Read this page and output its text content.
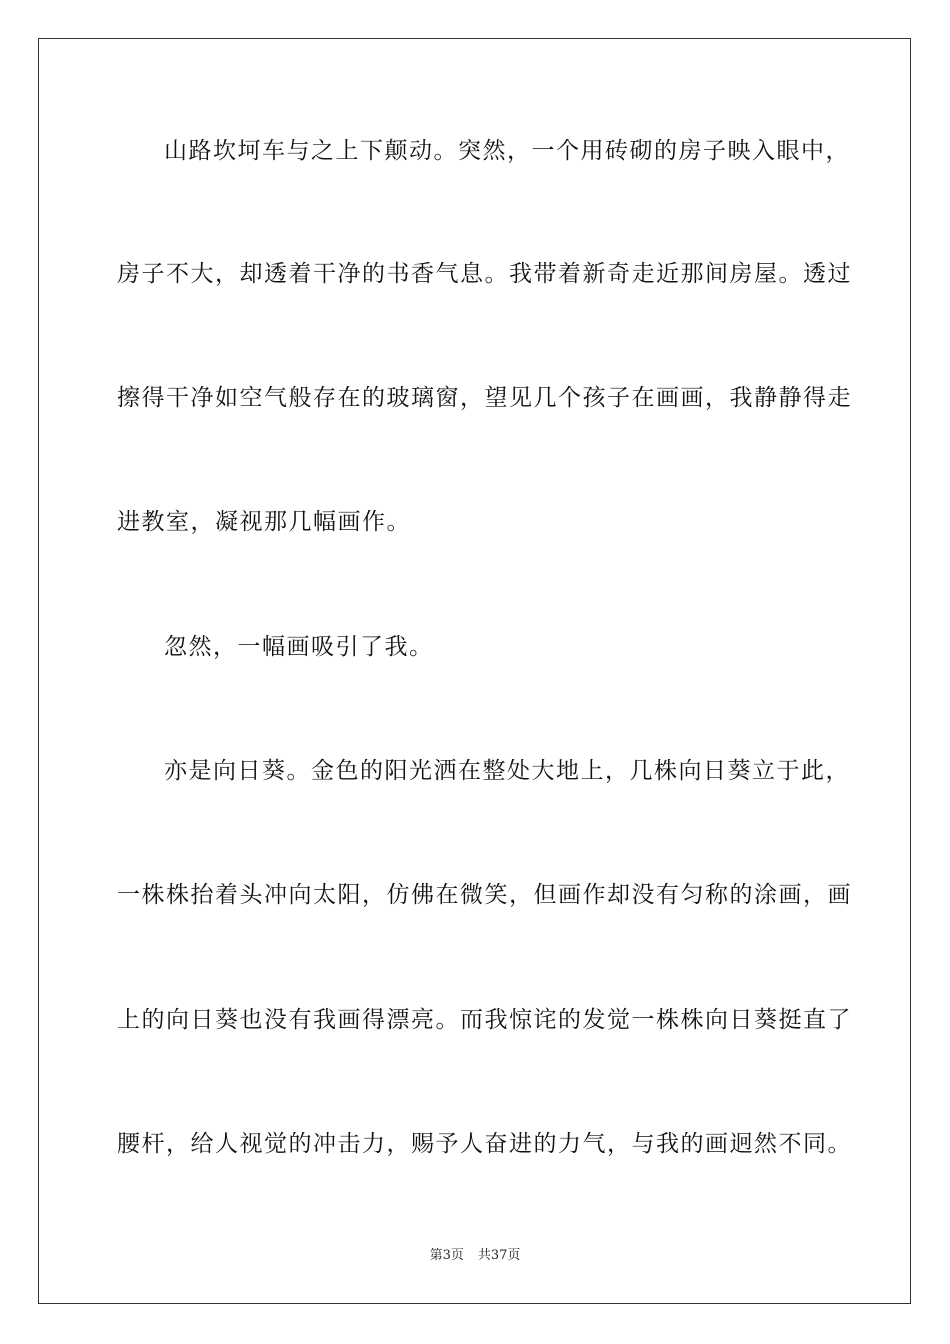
山路坎坷车与之上下颠动。突然，一个用砖砌的房子映入眼中，
房子不大，却透着干净的书香气息。我带着新奇走近那间房屋。透过
擦得干净如空气般存在的玻璃窗，望见几个孩子在画画，我静静得走
进教室，凝视那几幅画作。
忽然，一幅画吸引了我。
亦是向日葵。金色的阳光洒在整处大地上，几株向日葵立于此，
一株株抬着头冲向太阳，仿佛在微笑，但画作却没有匀称的涂画，画
上的向日葵也没有我画得漂亮。而我惊诧的发觉一株株向日葵挺直了
腰杆，给人视觉的冲击力，赐予人奋进的力气，与我的画迥然不同。
第3页 共37页
